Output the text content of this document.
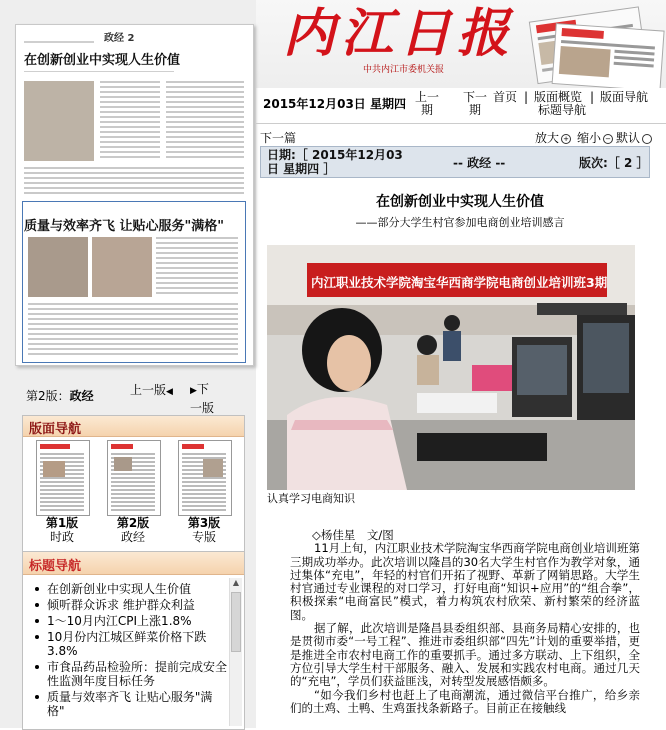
内江日报
中共内江市委机关报
政经 2
在创新创业中实现人生价值
质量与效率齐飞 让贴心服务"满格"
第2版：政经	上一版◀ ▶下一版
版面导航
第1版
时政
第2版
政经
第3版
专版
标题导航
在创新创业中实现人生价值
倾听群众诉求 维护群众利益
1～10月内江CPI上涨1.8%
10月份内江城区鲜菜价格下跌3.8%
市食品药品检验所：提前完成安全性监测年度目标任务
质量与效率齐飞 让贴心服务"满格"
▲
2015年12月03日 星期四 上一期
下一期
首页 | 版面概览 | 版面导航
标题导航
下一篇	放大 + 缩小 − 默认
日期:［ 2015年12月03日 星期四 ］	-- 政经 --	版次:［ 2 ］
在创新创业中实现人生价值
——部分大学生村官参加电商创业培训感言
内江职业技术学院淘宝华西商学院电商创业培训班3期
认真学习电商知识

◇杨佳星　文/图

11月上旬，内江职业技术学院淘宝华西商学院电商创业培训班第三期成功举办。此次培训以隆昌的30名大学生村官作为教学对象，通过集体“充电”，年轻的村官们开拓了视野、革新了网销思路。大学生村官通过专业课程的对口学习，打好电商“知识+应用”的“组合拳”，积极探索“电商富民”模式，着力构筑农村欣荣、新村繁荣的经济蓝图。

据了解，此次培训是隆昌县委组织部、县商务局精心安排的，也是贯彻市委“一号工程”、推进市委组织部“四先”计划的重要举措，更是推进全市农村电商工作的重要抓手。通过多方联动、上下组织，全方位引导大学生村干部服务、融入、发展和实践农村电商。通过几天的“充电”，学员们获益匪浅，对转型发展感悟颇多。

“如今我们乡村也赶上了电商潮流，通过微信平台推广，给乡亲们的土鸡、土鸭、生鸡蛋找条新路子。目前正在接触线
